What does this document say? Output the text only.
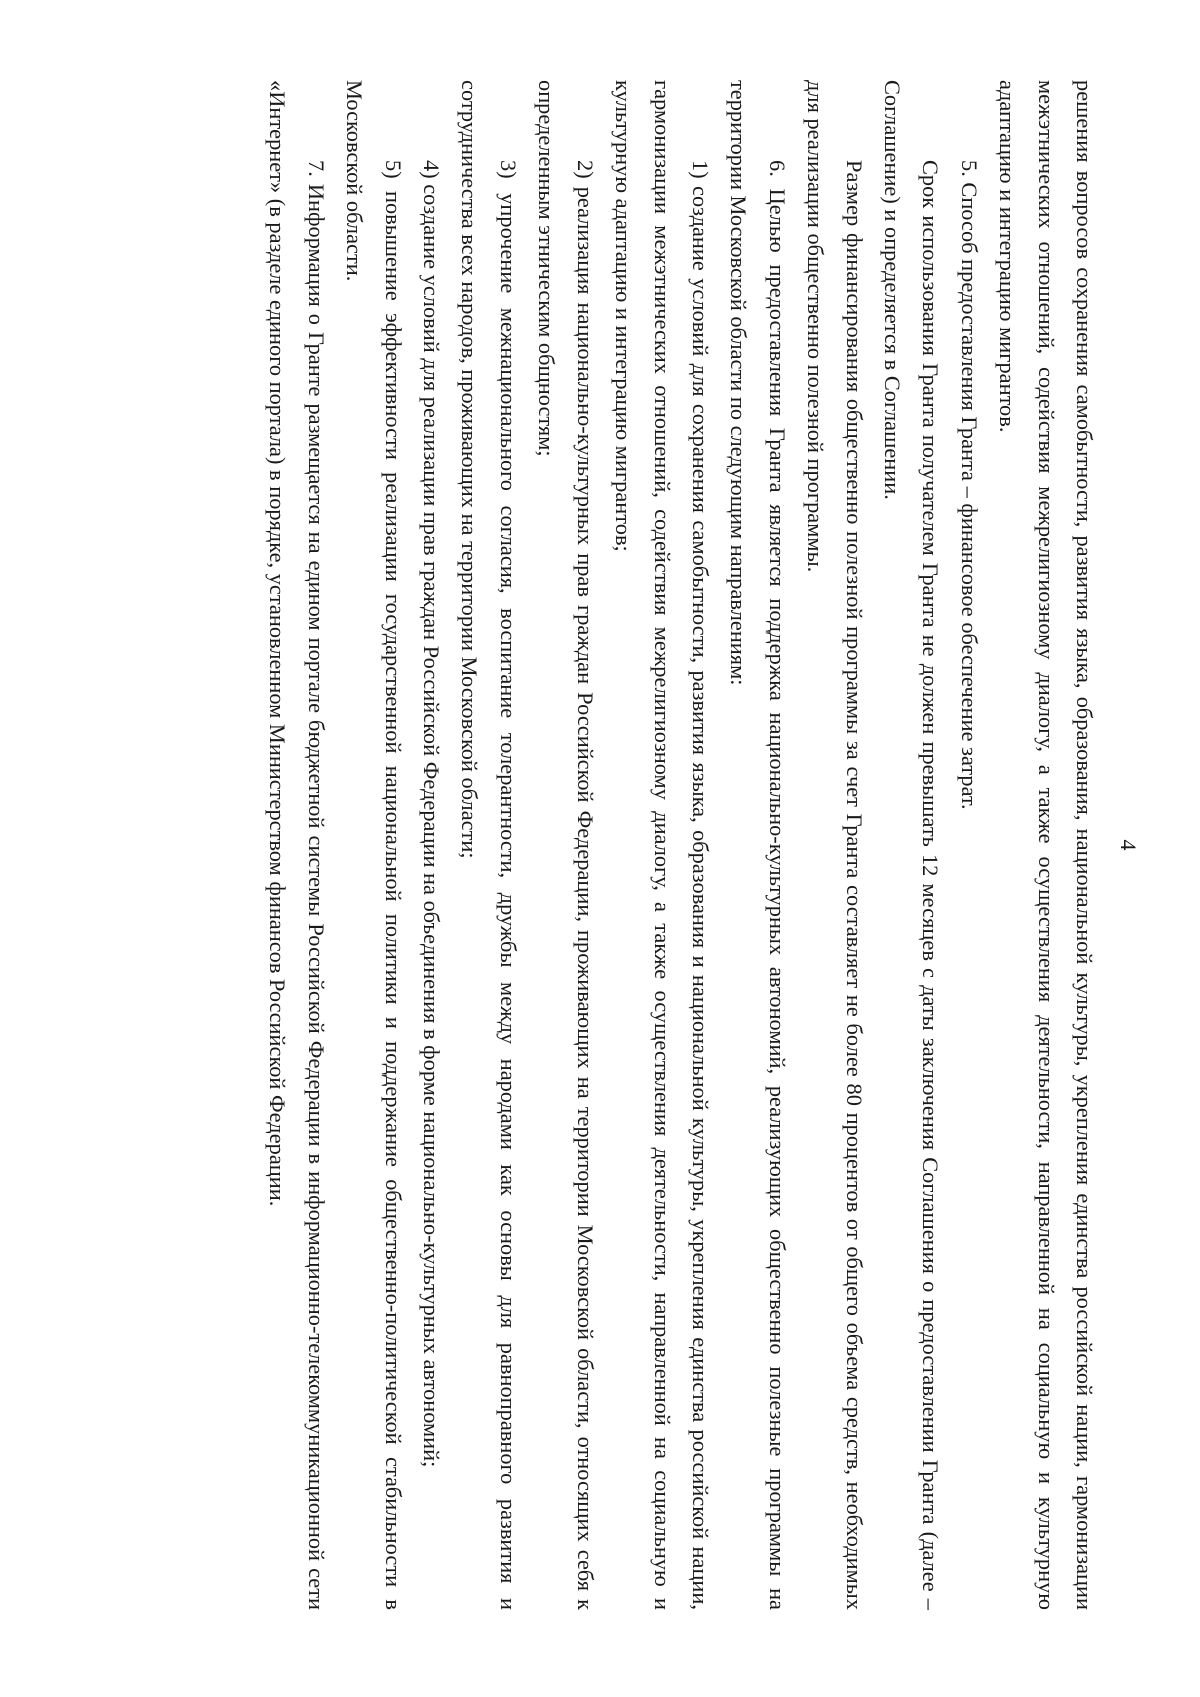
4

решения вопросов сохранения самобытности, развития языка, образования, национальной культуры, укрепления единства российской нации, гармонизации межэтнических отношений, содействия межрелигиозному диалогу, а также осуществления деятельности, направленной на социальную и культурную адаптацию и интеграцию мигрантов.

5. Способ предоставления Гранта – финансовое обеспечение затрат.

Срок использования Гранта получателем Гранта не должен превышать 12 месяцев с даты заключения Соглашения о предоставлении Гранта (далее – Соглашение) и определяется в Соглашении.

Размер финансирования общественно полезной программы за счет Гранта составляет не более 80 процентов от общего объема средств, необходимых для реализации общественно полезной программы.

6. Целью предоставления Гранта является поддержка национально-культурных автономий, реализующих общественно полезные программы на территории Московской области по следующим направлениям:

1) создание условий для сохранения самобытности, развития языка, образования и национальной культуры, укрепления единства российской нации, гармонизации межэтнических отношений, содействия межрелигиозному диалогу, а также осуществления деятельности, направленной на социальную и культурную адаптацию и интеграцию мигрантов;

2) реализация национально-культурных прав граждан Российской Федерации, проживающих на территории Московской области, относящих себя к определенным этническим общностям;

3) упрочение межнационального согласия, воспитание толерантности, дружбы между народами как основы для равноправного развития и сотрудничества всех народов, проживающих на территории Московской области;

4) создание условий для реализации прав граждан Российской Федерации на объединения в форме национально-культурных автономий;

5) повышение эффективности реализации государственной национальной политики и поддержание общественно-политической стабильности в Московской области.

7. Информация о Гранте размещается на едином портале бюджетной системы Российской Федерации в информационно-телекоммуникационной сети «Интернет» (в разделе единого портала) в порядке, установленном Министерством финансов Российской Федерации.
